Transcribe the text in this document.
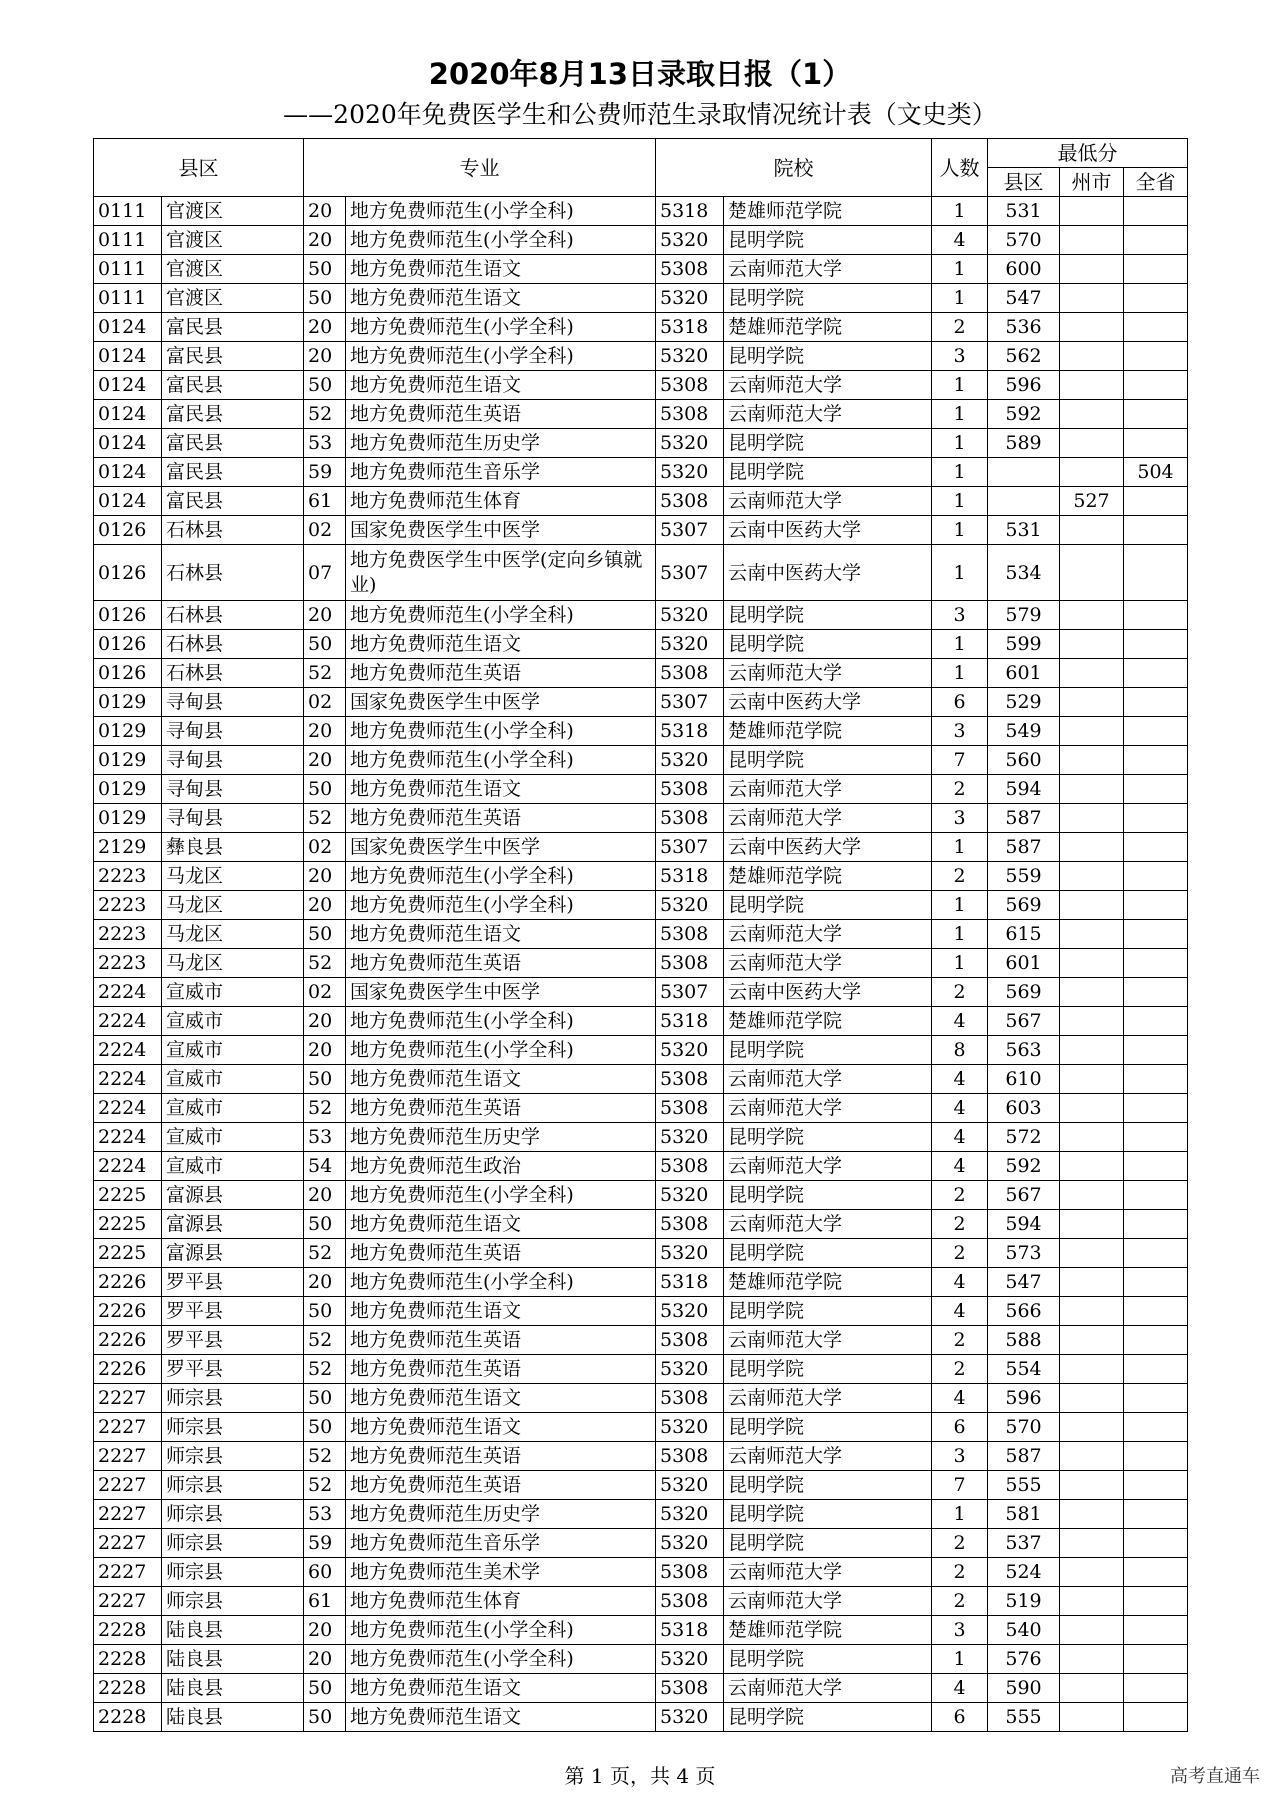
2020年8月13日录取日报（1）
——2020年免费医学生和公费师范生录取情况统计表（文史类）
县区		专业		院校		人数	最低分		
							县区	州市	全省
0111	官渡区	20	地方免费师范生(小学全科)	5318	楚雄师范学院	1	531		
0111	官渡区	20	地方免费师范生(小学全科)	5320	昆明学院	4	570		
0111	官渡区	50	地方免费师范生语文	5308	云南师范大学	1	600		
0111	官渡区	50	地方免费师范生语文	5320	昆明学院	1	547		
0124	富民县	20	地方免费师范生(小学全科)	5318	楚雄师范学院	2	536		
0124	富民县	20	地方免费师范生(小学全科)	5320	昆明学院	3	562		
0124	富民县	50	地方免费师范生语文	5308	云南师范大学	1	596		
0124	富民县	52	地方免费师范生英语	5308	云南师范大学	1	592		
0124	富民县	53	地方免费师范生历史学	5320	昆明学院	1	589		
0124	富民县	59	地方免费师范生音乐学	5320	昆明学院	1			504
0124	富民县	61	地方免费师范生体育	5308	云南师范大学	1		527	
0126	石林县	02	国家免费医学生中医学	5307	云南中医药大学	1	531		
0126	石林县	07	地方免费医学生中医学(定向乡镇就业)	5307	云南中医药大学	1	534		
0126	石林县	20	地方免费师范生(小学全科)	5320	昆明学院	3	579		
0126	石林县	50	地方免费师范生语文	5320	昆明学院	1	599		
0126	石林县	52	地方免费师范生英语	5308	云南师范大学	1	601		
0129	寻甸县	02	国家免费医学生中医学	5307	云南中医药大学	6	529		
0129	寻甸县	20	地方免费师范生(小学全科)	5318	楚雄师范学院	3	549		
0129	寻甸县	20	地方免费师范生(小学全科)	5320	昆明学院	7	560		
0129	寻甸县	50	地方免费师范生语文	5308	云南师范大学	2	594		
0129	寻甸县	52	地方免费师范生英语	5308	云南师范大学	3	587		
2129	彝良县	02	国家免费医学生中医学	5307	云南中医药大学	1	587		
2223	马龙区	20	地方免费师范生(小学全科)	5318	楚雄师范学院	2	559		
2223	马龙区	20	地方免费师范生(小学全科)	5320	昆明学院	1	569		
2223	马龙区	50	地方免费师范生语文	5308	云南师范大学	1	615		
2223	马龙区	52	地方免费师范生英语	5308	云南师范大学	1	601		
2224	宣威市	02	国家免费医学生中医学	5307	云南中医药大学	2	569		
2224	宣威市	20	地方免费师范生(小学全科)	5318	楚雄师范学院	4	567		
2224	宣威市	20	地方免费师范生(小学全科)	5320	昆明学院	8	563		
2224	宣威市	50	地方免费师范生语文	5308	云南师范大学	4	610		
2224	宣威市	52	地方免费师范生英语	5308	云南师范大学	4	603		
2224	宣威市	53	地方免费师范生历史学	5320	昆明学院	4	572		
2224	宣威市	54	地方免费师范生政治	5308	云南师范大学	4	592		
2225	富源县	20	地方免费师范生(小学全科)	5320	昆明学院	2	567		
2225	富源县	50	地方免费师范生语文	5308	云南师范大学	2	594		
2225	富源县	52	地方免费师范生英语	5320	昆明学院	2	573		
2226	罗平县	20	地方免费师范生(小学全科)	5318	楚雄师范学院	4	547		
2226	罗平县	50	地方免费师范生语文	5320	昆明学院	4	566		
2226	罗平县	52	地方免费师范生英语	5308	云南师范大学	2	588		
2226	罗平县	52	地方免费师范生英语	5320	昆明学院	2	554		
2227	师宗县	50	地方免费师范生语文	5308	云南师范大学	4	596		
2227	师宗县	50	地方免费师范生语文	5320	昆明学院	6	570		
2227	师宗县	52	地方免费师范生英语	5308	云南师范大学	3	587		
2227	师宗县	52	地方免费师范生英语	5320	昆明学院	7	555		
2227	师宗县	53	地方免费师范生历史学	5320	昆明学院	1	581		
2227	师宗县	59	地方免费师范生音乐学	5320	昆明学院	2	537		
2227	师宗县	60	地方免费师范生美术学	5308	云南师范大学	2	524		
2227	师宗县	61	地方免费师范生体育	5308	云南师范大学	2	519		
2228	陆良县	20	地方免费师范生(小学全科)	5318	楚雄师范学院	3	540		
2228	陆良县	20	地方免费师范生(小学全科)	5320	昆明学院	1	576		
2228	陆良县	50	地方免费师范生语文	5308	云南师范大学	4	590		
2228	陆良县	50	地方免费师范生语文	5320	昆明学院	6	555		
第 1 页，共 4 页	高考直通车
